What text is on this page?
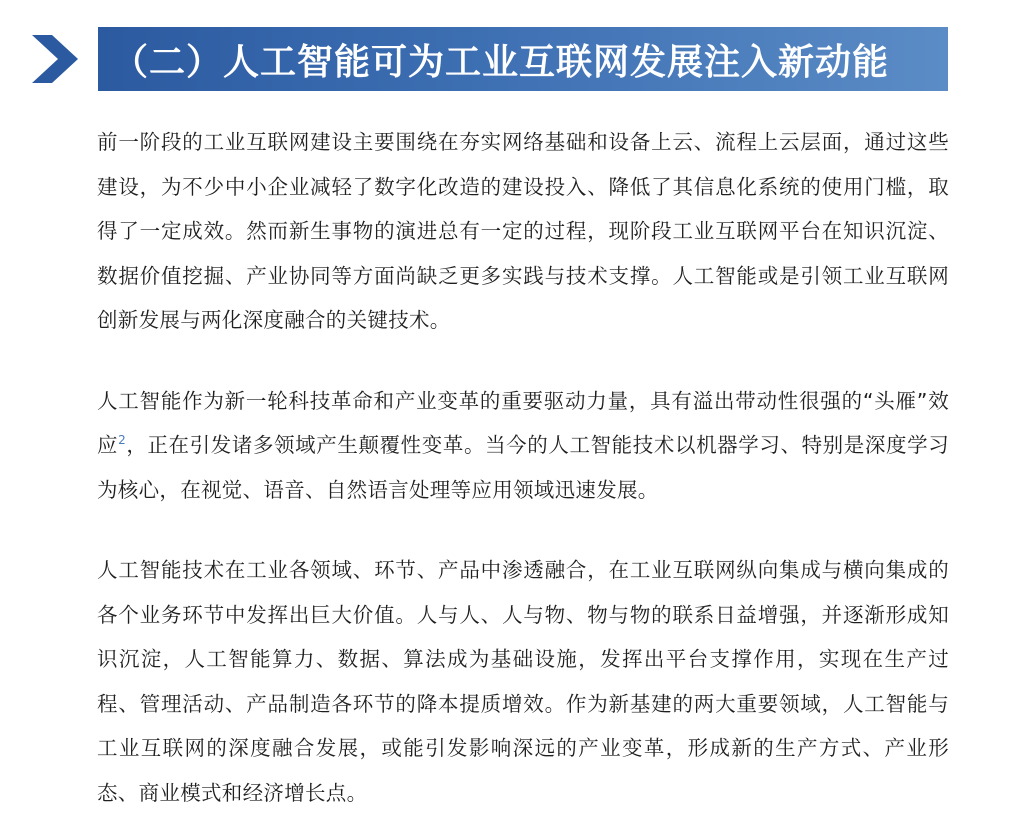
（二）人工智能可为工业互联网发展注入新动能

前一阶段的工业互联网建设主要围绕在夯实网络基础和设备上云、流程上云层面，通过这些建设，为不少中小企业减轻了数字化改造的建设投入、降低了其信息化系统的使用门槛，取得了一定成效。然而新生事物的演进总有一定的过程，现阶段工业互联网平台在知识沉淀、数据价值挖掘、产业协同等方面尚缺乏更多实践与技术支撑。人工智能或是引领工业互联网创新发展与两化深度融合的关键技术。

人工智能作为新一轮科技革命和产业变革的重要驱动力量，具有溢出带动性很强的“头雁”效应$^2$，正在引发诸多领域产生颠覆性变革。当今的人工智能技术以机器学习、特别是深度学习为核心，在视觉、语音、自然语言处理等应用领域迅速发展。

人工智能技术在工业各领域、环节、产品中渗透融合，在工业互联网纵向集成与横向集成的各个业务环节中发挥出巨大价值。人与人、人与物、物与物的联系日益增强，并逐渐形成知识沉淀，人工智能算力、数据、算法成为基础设施，发挥出平台支撑作用，实现在生产过程、管理活动、产品制造各环节的降本提质增效。作为新基建的两大重要领域，人工智能与工业互联网的深度融合发展，或能引发影响深远的产业变革，形成新的生产方式、产业形态、商业模式和经济增长点。
